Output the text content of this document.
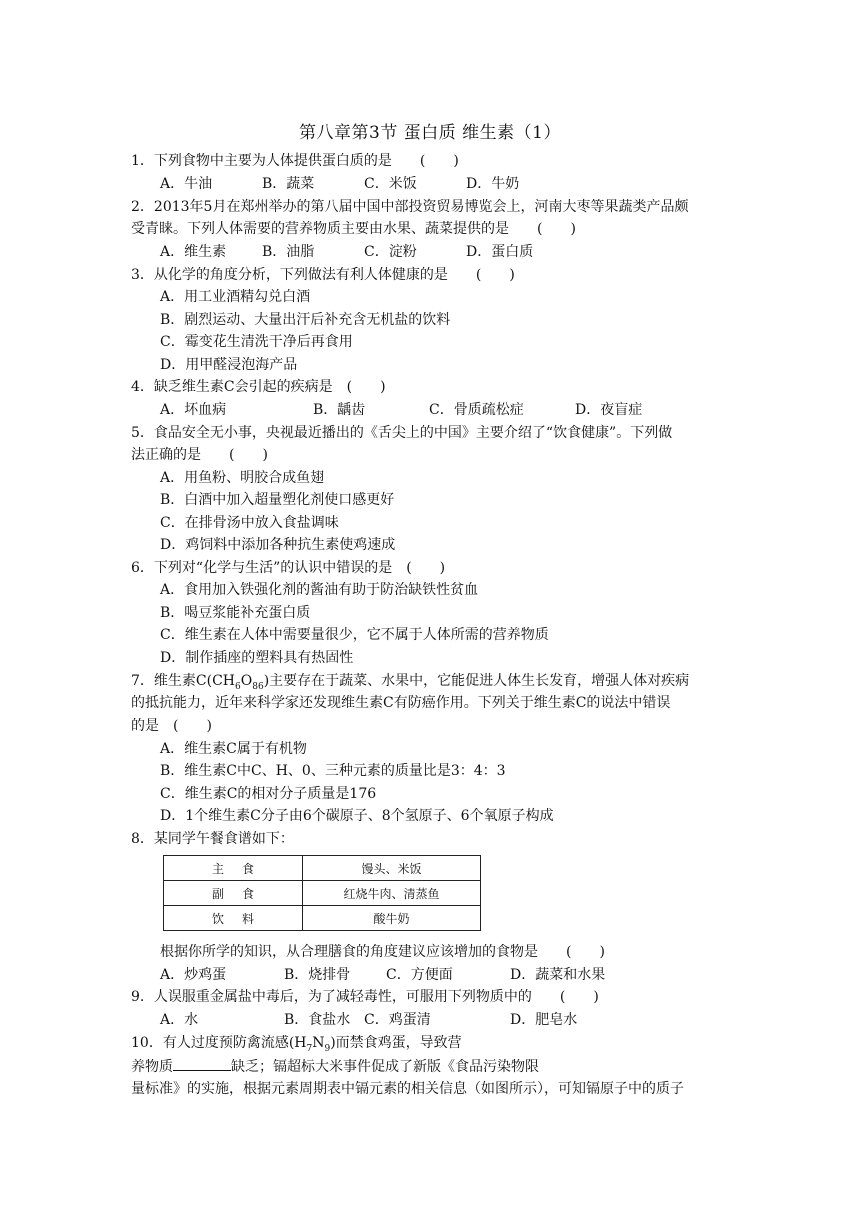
第八章第3节 蛋白质 维生素（1）
1．下列食物中主要为人体提供蛋白质的是　　(　　)
A．牛油	B．蔬菜	C．米饭	D．牛奶
2．2013年5月在郑州举办的第八届中国中部投资贸易博览会上，河南大枣等果蔬类产品颇
受青睐。下列人体需要的营养物质主要由水果、蔬菜提供的是　　(　　)
A．维生素	B．油脂	C．淀粉	D．蛋白质
3．从化学的角度分析，下列做法有利人体健康的是　　(　　)
A．用工业酒精勾兑白酒
B．剧烈运动、大量出汗后补充含无机盐的饮料
C．霉变花生清洗干净后再食用
D．用甲醛浸泡海产品
4．缺乏维生素C会引起的疾病是　(　　)
A．坏血病	B．龋齿	C．骨质疏松症	D．夜盲症
5．食品安全无小事，央视最近播出的《舌尖上的中国》主要介绍了“饮食健康”。下列做
法正确的是　　(　　)
A．用鱼粉、明胶合成鱼翅
B．白酒中加入超量塑化剂使口感更好
C．在排骨汤中放入食盐调味
D．鸡饲料中添加各种抗生素使鸡速成
6．下列对“化学与生活”的认识中错误的是　(　　)
A．食用加入铁强化剂的酱油有助于防治缺铁性贫血
B．喝豆浆能补充蛋白质
C．维生素在人体中需要量很少，它不属于人体所需的营养物质
D．制作插座的塑料具有热固性
7．维生素$C(CH_6O_{86})$主要存在于蔬菜、水果中，它能促进人体生长发育，增强人体对疾病
的抵抗能力，近年来科学家还发现维生素C有防癌作用。下列关于维生素C的说法中错误
的是　(　　)
A．维生素C属于有机物
B．维生素C中C、H、0、三种元素的质量比是3：4：3
C．维生素C的相对分子质量是176
D．1个维生素C分子由6个碳原子、8个氢原子、6个氧原子构成
8．某同学午餐食谱如下：
主食	馒头、米饭
副食	红烧牛肉、清蒸鱼
饮料	酸牛奶
根据你所学的知识，从合理膳食的角度建议应该增加的食物是　　(　　)
A．炒鸡蛋	B．烧排骨	C．方便面	D．蔬菜和水果
9．人误服重金属盐中毒后，为了减轻毒性，可服用下列物质中的　　(　　)
A．水	B．食盐水 C．鸡蛋清	D．肥皂水
10．有人过度预防禽流感$(H_7N_9)$而禁食鸡蛋，导致营
养物质	缺乏；镉超标大米事件促成了新版《食品污染物限
量标准》的实施，根据元素周期表中镉元素的相关信息（如图所示），可知镉原子中的质子
